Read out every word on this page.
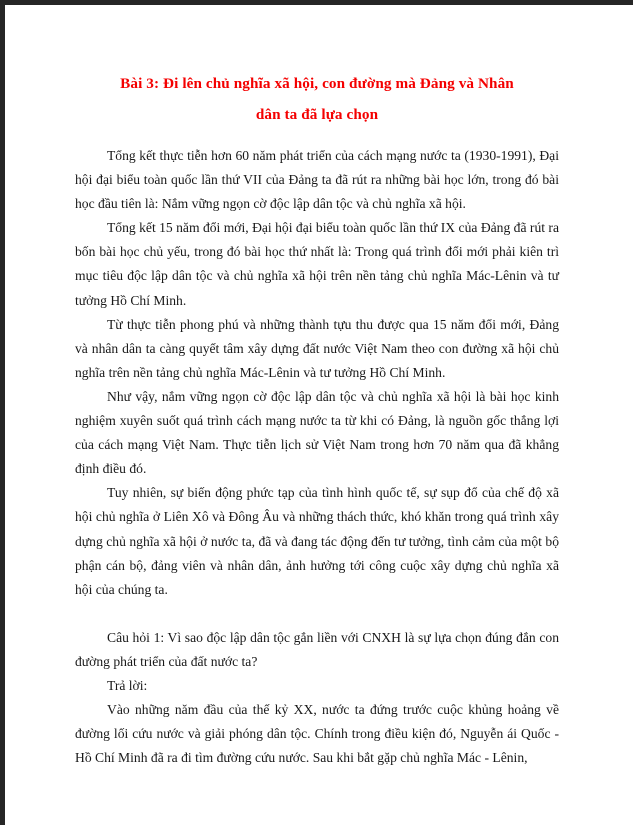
Bài 3: Đi lên chủ nghĩa xã hội, con đường mà Đảng và Nhân
dân ta đã lựa chọn

Tổng kết thực tiễn hơn 60 năm phát triển của cách mạng nước ta (1930-1991), Đại hội đại biểu toàn quốc lần thứ VII của Đảng ta đã rút ra những bài học lớn, trong đó bài học đầu tiên là: Nắm vững ngọn cờ độc lập dân tộc và chủ nghĩa xã hội.

Tổng kết 15 năm đổi mới, Đại hội đại biểu toàn quốc lần thứ IX của Đảng đã rút ra bốn bài học chủ yếu, trong đó bài học thứ nhất là: Trong quá trình đổi mới phải kiên trì mục tiêu độc lập dân tộc và chủ nghĩa xã hội trên nền tảng chủ nghĩa Mác-Lênin và tư tưởng Hồ Chí Minh.

Từ thực tiễn phong phú và những thành tựu thu được qua 15 năm đổi mới, Đảng và nhân dân ta càng quyết tâm xây dựng đất nước Việt Nam theo con đường xã hội chủ nghĩa trên nền tảng chủ nghĩa Mác-Lênin và tư tưởng Hồ Chí Minh.

Như vậy, nắm vững ngọn cờ độc lập dân tộc và chủ nghĩa xã hội là bài học kinh nghiệm xuyên suốt quá trình cách mạng nước ta từ khi có Đảng, là nguồn gốc thắng lợi của cách mạng Việt Nam. Thực tiễn lịch sử Việt Nam trong hơn 70 năm qua đã khẳng định điều đó.

Tuy nhiên, sự biến động phức tạp của tình hình quốc tế, sự sụp đổ của chế độ xã hội chủ nghĩa ở Liên Xô và Đông Âu và những thách thức, khó khăn trong quá trình xây dựng chủ nghĩa xã hội ở nước ta, đã và đang tác động đến tư tưởng, tình cảm của một bộ phận cán bộ, đảng viên và nhân dân, ảnh hưởng tới công cuộc xây dựng chủ nghĩa xã hội của chúng ta.

Câu hỏi 1: Vì sao độc lập dân tộc gắn liền với CNXH là sự lựa chọn đúng đắn con đường phát triển của đất nước ta?

Trả lời:

Vào những năm đầu của thế kỷ XX, nước ta đứng trước cuộc khủng hoảng về đường lối cứu nước và giải phóng dân tộc. Chính trong điều kiện đó, Nguyễn ái Quốc - Hồ Chí Minh đã ra đi tìm đường cứu nước. Sau khi bắt gặp chủ nghĩa Mác - Lênin,
